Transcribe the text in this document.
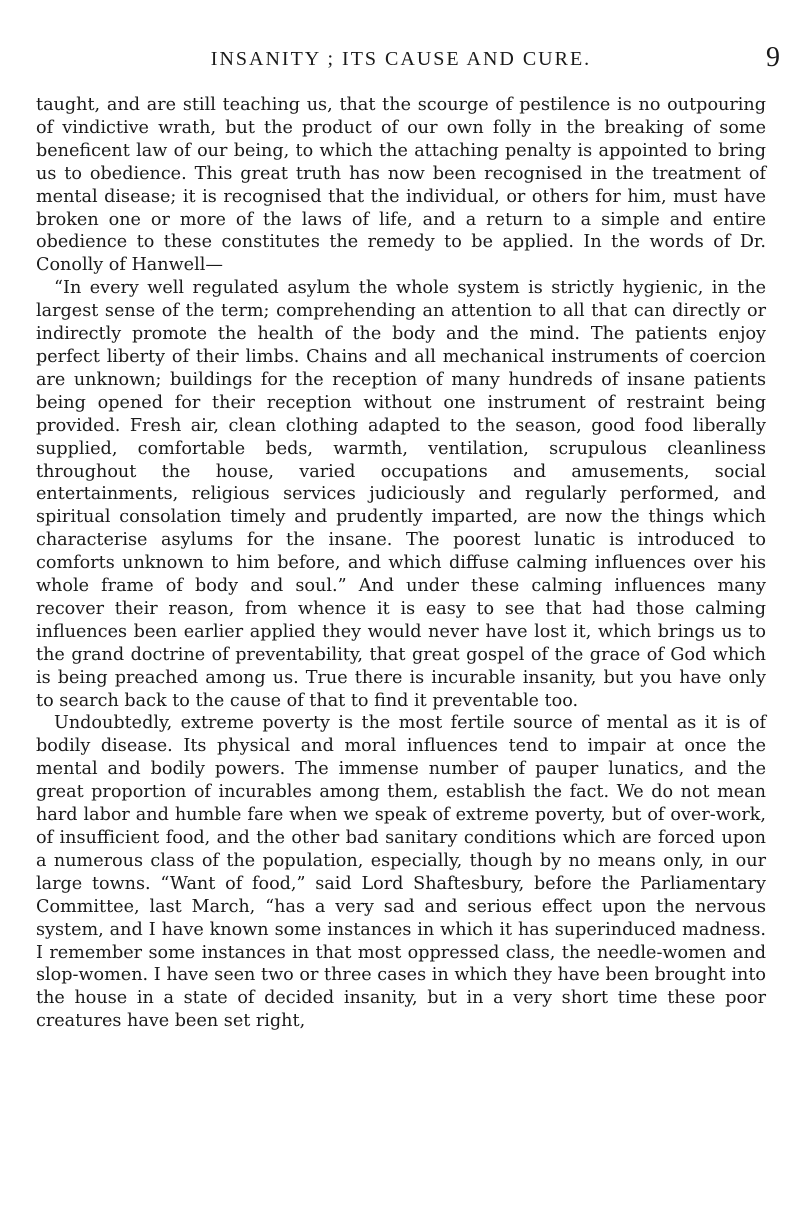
INSANITY ; ITS CAUSE AND CURE.	9

taught, and are still teaching us, that the scourge of pestilence is no outpouring of vindictive wrath, but the product of our own folly in the breaking of some beneficent law of our being, to which the attaching penalty is appointed to bring us to obedience. This great truth has now been recognised in the treatment of mental disease; it is recognised that the individual, or others for him, must have broken one or more of the laws of life, and a return to a simple and entire obedience to these constitutes the remedy to be applied. In the words of Dr. Conolly of Hanwell—

“In every well regulated asylum the whole system is strictly hygienic, in the largest sense of the term; comprehending an attention to all that can directly or indirectly promote the health of the body and the mind. The patients enjoy perfect liberty of their limbs. Chains and all mechanical instruments of coercion are unknown; buildings for the reception of many hundreds of insane patients being opened for their reception without one instrument of restraint being provided. Fresh air, clean clothing adapted to the season, good food liberally supplied, comfortable beds, warmth, ventilation, scrupulous cleanliness throughout the house, varied occupations and amusements, social entertainments, religious services judiciously and regularly performed, and spiritual consolation timely and prudently imparted, are now the things which characterise asylums for the insane. The poorest lunatic is introduced to comforts unknown to him before, and which diffuse calming influences over his whole frame of body and soul.” And under these calming influences many recover their reason, from whence it is easy to see that had those calming influences been earlier applied they would never have lost it, which brings us to the grand doctrine of preventability, that great gospel of the grace of God which is being preached among us. True there is incurable insanity, but you have only to search back to the cause of that to find it preventable too.

Undoubtedly, extreme poverty is the most fertile source of mental as it is of bodily disease. Its physical and moral influences tend to impair at once the mental and bodily powers. The immense number of pauper lunatics, and the great proportion of incurables among them, establish the fact. We do not mean hard labor and humble fare when we speak of extreme poverty, but of over-work, of insufficient food, and the other bad sanitary conditions which are forced upon a numerous class of the population, especially, though by no means only, in our large towns. “Want of food,” said Lord Shaftesbury, before the Parliamentary Committee, last March, “has a very sad and serious effect upon the nervous system, and I have known some instances in which it has superinduced madness. I remember some instances in that most oppressed class, the needle-women and slop-women. I have seen two or three cases in which they have been brought into the house in a state of decided insanity, but in a very short time these poor creatures have been set right,
